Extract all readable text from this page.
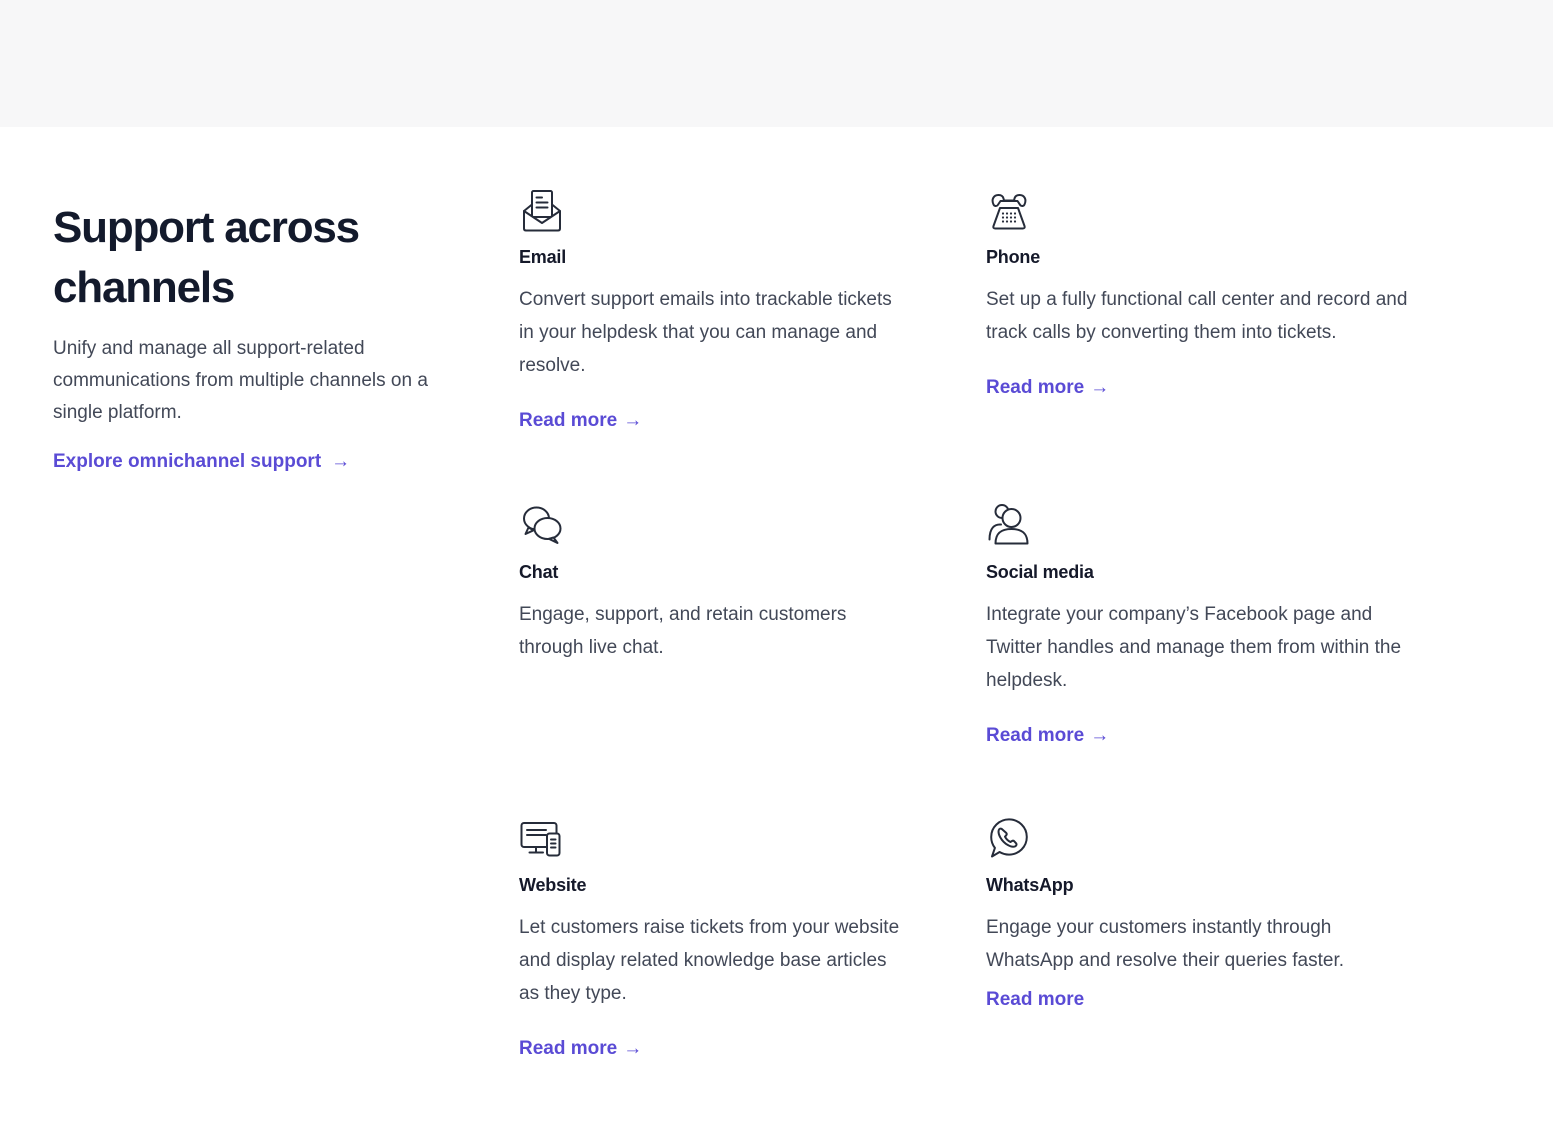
Support across channels

Unify and manage all support-related communications from multiple channels on a single platform.

Explore omnichannel support →
Email

Convert support emails into trackable tickets in your helpdesk that you can manage and resolve.

Read more →
Chat

Engage, support, and retain customers through live chat.

Website

Let customers raise tickets from your website and display related knowledge base articles as they type.

Read more →
Phone

Set up a fully functional call center and record and track calls by converting them into tickets.

Read more →
Social media

Integrate your company’s Facebook page and Twitter handles and manage them from within the helpdesk.

Read more →
WhatsApp

Engage your customers instantly through WhatsApp and resolve their queries faster.

Read more
